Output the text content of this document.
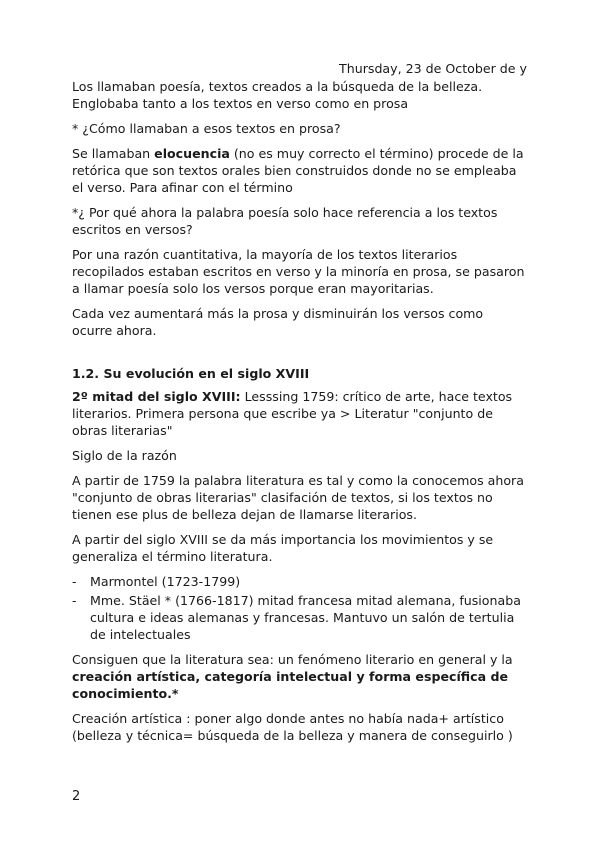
Thursday, 23 de October de y

Los llamaban poesía, textos creados a la búsqueda de la belleza. Englobaba tanto a los textos en verso como en prosa

* ¿Cómo llamaban a esos textos en prosa?

Se llamaban elocuencia (no es muy correcto el término) procede de la retórica que son textos orales bien construidos donde no se empleaba el verso. Para afinar con el término

*¿ Por qué ahora la palabra poesía solo hace referencia a los textos escritos en versos?

Por una razón cuantitativa, la mayoría de los textos literarios recopilados estaban escritos en verso y la minoría en prosa, se pasaron a llamar poesía solo los versos porque eran mayoritarias.

Cada vez aumentará más la prosa y disminuirán los versos como ocurre ahora.

1.2. Su evolución en el siglo XVIII

2º mitad del siglo XVIII: Lesssing 1759: crítico de arte, hace textos literarios. Primera persona que escribe ya > Literatur "conjunto de obras literarias"

Siglo de la razón

A partir de 1759 la palabra literatura es tal y como la conocemos ahora "conjunto de obras literarias" clasifación de textos, si los textos no tienen ese plus de belleza dejan de llamarse literarios.

A partir del siglo XVIII se da más importancia los movimientos y se generaliza el término literatura.

- Marmontel (1723-1799)
- Mme. Stäel * (1766-1817) mitad francesa mitad alemana, fusionaba cultura e ideas alemanas y francesas. Mantuvo un salón de tertulia de intelectuales

Consiguen que la literatura sea: un fenómeno literario en general y la creación artística, categoría intelectual y forma específica de conocimiento.*

Creación artística : poner algo donde antes no había nada+ artístico (belleza y técnica= búsqueda de la belleza y manera de conseguirlo )

2
